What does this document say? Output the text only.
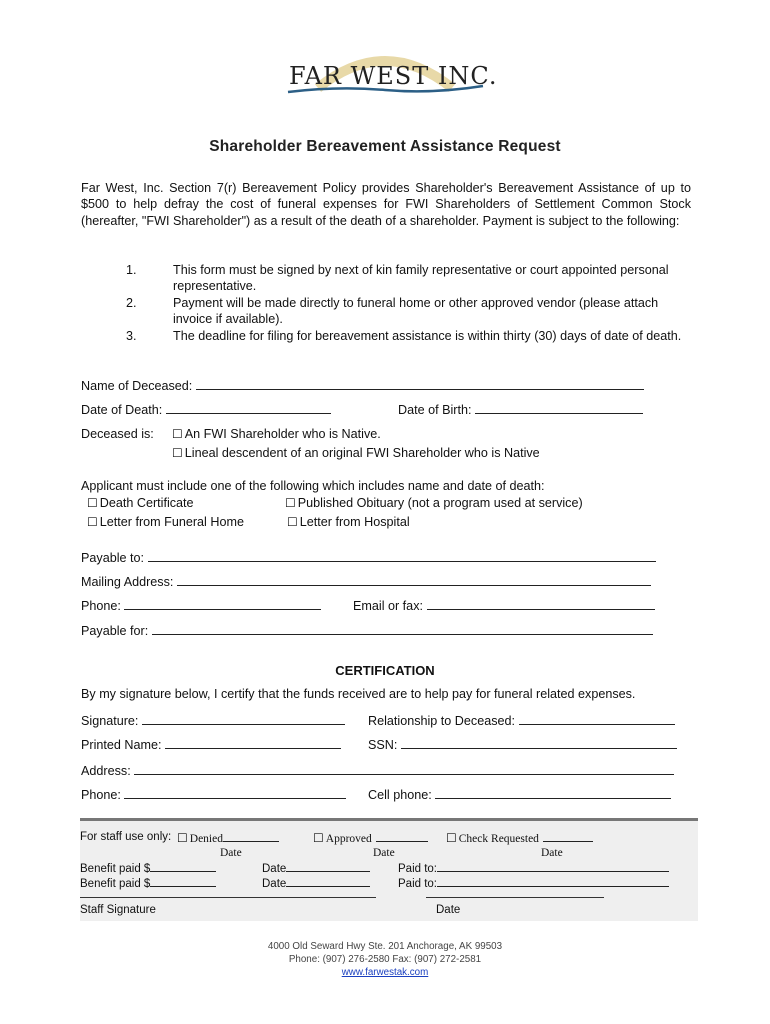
FAR WEST INC.
Shareholder Bereavement Assistance Request
Far West, Inc. Section 7(r) Bereavement Policy provides Shareholder's Bereavement Assistance of up to $500 to help defray the cost of funeral expenses for FWI Shareholders of Settlement Common Stock (hereafter, "FWI Shareholder") as a result of the death of a shareholder. Payment is subject to the following:
1.	This form must be signed by next of kin family representative or court appointed personal representative.
2.	Payment will be made directly to funeral home or other approved vendor (please attach invoice if available).
3.	The deadline for filing for bereavement assistance is within thirty (30) days of date of death.
Name of Deceased:
Date of Death:	Date of Birth:
Deceased is: ☐ An FWI Shareholder who is Native.
☐ Lineal descendent of an original FWI Shareholder who is Native
Applicant must include one of the following which includes name and date of death:
☐ Death Certificate	☐ Published Obituary (not a program used at service)
☐ Letter from Funeral Home	☐ Letter from Hospital
Payable to:
Mailing Address:
Phone:	Email or fax:
Payable for:
CERTIFICATION
By my signature below, I certify that the funds received are to help pay for funeral related expenses.
Signature:	Relationship to Deceased:
Printed Name:	SSN:
Address:
Phone:	Cell phone:
For staff use only: ☐ Denied	☐ Approved	☐ Check Requested
Date	Date	Date
Benefit paid $	Date	Paid to:
Benefit paid $	Date	Paid to:
Staff Signature	Date
4000 Old Seward Hwy Ste. 201 Anchorage, AK 99503
Phone: (907) 276-2580 Fax: (907) 272-2581
www.farwestak.com
